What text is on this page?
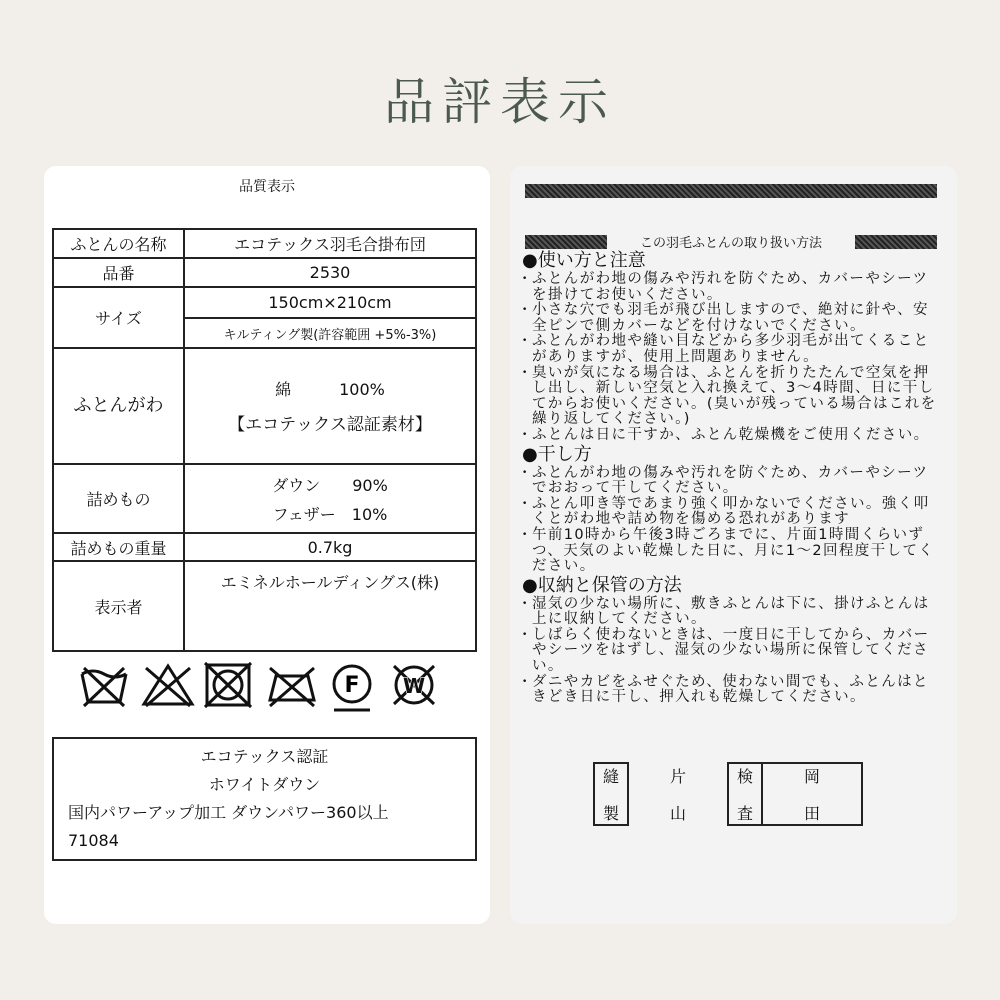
品評表示
品質表示
ふとんの名称	エコテックス羽毛合掛布団
品番	2530
サイズ	150cm×210cm
	キルティング製(許容範囲 +5%-3%)
ふとんがわ	綿　　　100%
【エコテックス認証素材】

詰めもの	ダウン　　90%
フェザー　10%

詰めもの重量	0.7kg
表示者	エミネルホールディングス(株)
F W
エコテックス認証
ホワイトダウン
国内パワーアップ加工 ダウンパワー360以上
71084
この羽毛ふとんの取り扱い方法
●使い方と注意
• ふとんがわ地の傷みや汚れを防ぐため、カバーやシーツを掛けてお使いください。
• 小さな穴でも羽毛が飛び出しますので、絶対に針や、安全ピンで側カバーなどを付けないでください。
• ふとんがわ地や縫い目などから多少羽毛が出てくることがありますが、使用上問題ありません。
• 臭いが気になる場合は、ふとんを折りたたんで空気を押し出し、新しい空気と入れ換えて、3～4時間、日に干してからお使いください。(臭いが残っている場合はこれを繰り返してください。)
• ふとんは日に干すか、ふとん乾燥機をご使用ください。
●干し方
• ふとんがわ地の傷みや汚れを防ぐため、カバーやシーツでおおって干してください。
• ふとん叩き等であまり強く叩かないでください。強く叩くとがわ地や詰め物を傷める恐れがあります
• 午前10時から午後3時ごろまでに、片面1時間くらいずつ、天気のよい乾燥した日に、月に1～2回程度干してください。
●収納と保管の方法
• 湿気の少ない場所に、敷きふとんは下に、掛けふとんは上に収納してください。
• しばらく使わないときは、一度日に干してから、カバーやシーツをはずし、湿気の少ない場所に保管してください。
• ダニやカビをふせぐため、使わない間でも、ふとんはときどき日に干し、押入れも乾燥してください。
縫
製

片
山

検
査

岡
田
